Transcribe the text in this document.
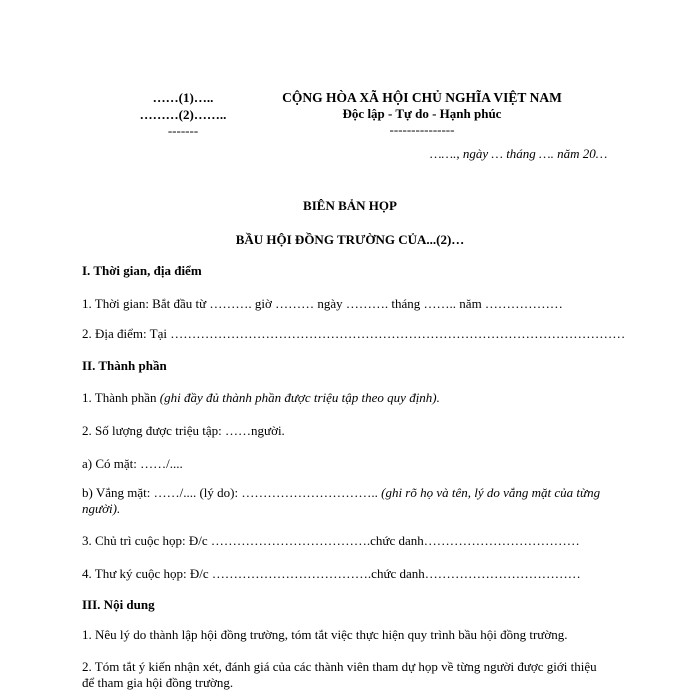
……(1)…..
………(2)……..
-------
CỘNG HÒA XÃ HỘI CHỦ NGHĨA VIỆT NAM
Độc lập - Tự do - Hạnh phúc
---------------
……., ngày … tháng …. năm 20…
BIÊN BẢN HỌP
BẦU HỘI ĐỒNG TRƯỜNG CỦA...(2)…
I. Thời gian, địa điểm
1. Thời gian: Bắt đầu từ ………. giờ ……… ngày ………. tháng …….. năm ………………
2. Địa điểm: Tại ……………………………………………………………………………………………
II. Thành phần
1. Thành phần (ghi đầy đủ thành phần được triệu tập theo quy định).
2. Số lượng được triệu tập: ……người.
a) Có mặt: ……/....
b) Vắng mặt: ……/.... (lý do): ………………………….. (ghi rõ họ và tên, lý do vắng mặt của từng người).
3. Chủ trì cuộc họp: Đ/c ……………………………….chức danh………………………………
4. Thư ký cuộc họp: Đ/c ……………………………….chức danh………………………………
III. Nội dung
1. Nêu lý do thành lập hội đồng trường, tóm tắt việc thực hiện quy trình bầu hội đồng trường.
2. Tóm tắt ý kiến nhận xét, đánh giá của các thành viên tham dự họp về từng người được giới thiệu để tham gia hội đồng trường.
